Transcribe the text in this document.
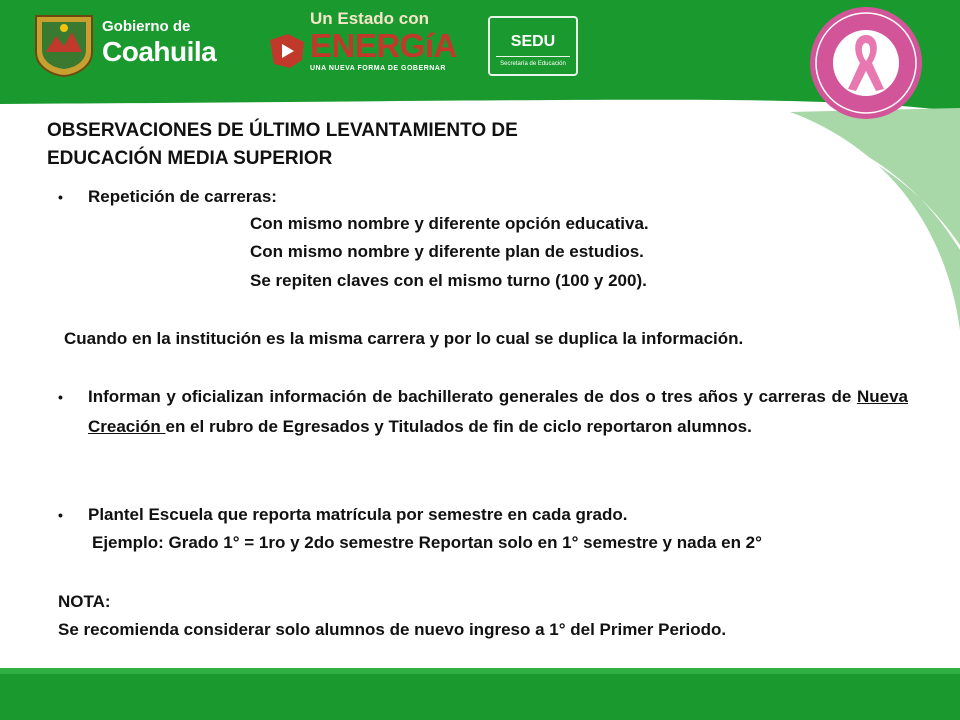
Gobierno de
Coahuila
Un Estado con
ENERGíA
UNA NUEVA FORMA DE GOBERNAR
SEDU
Secretaría de Educación
OBSERVACIONES DE ÚLTIMO LEVANTAMIENTO DE
EDUCACIÓN MEDIA SUPERIOR
• Repetición de carreras:
Con mismo nombre y diferente opción educativa.
Con mismo nombre y diferente plan de estudios.
Se repiten claves con el mismo turno (100 y 200).
Cuando en la institución es la misma carrera y por lo cual se duplica la información.
• Informan y oficializan información de bachillerato generales de dos o tres años y carreras de Nueva Creación en el rubro de Egresados y Titulados de fin de ciclo reportaron alumnos.
• Plantel Escuela que reporta matrícula por semestre en cada grado.
Ejemplo: Grado 1° = 1ro y 2do semestre Reportan solo en 1° semestre y nada en 2°
NOTA:
Se recomienda considerar solo alumnos de nuevo ingreso a 1° del Primer Periodo.
